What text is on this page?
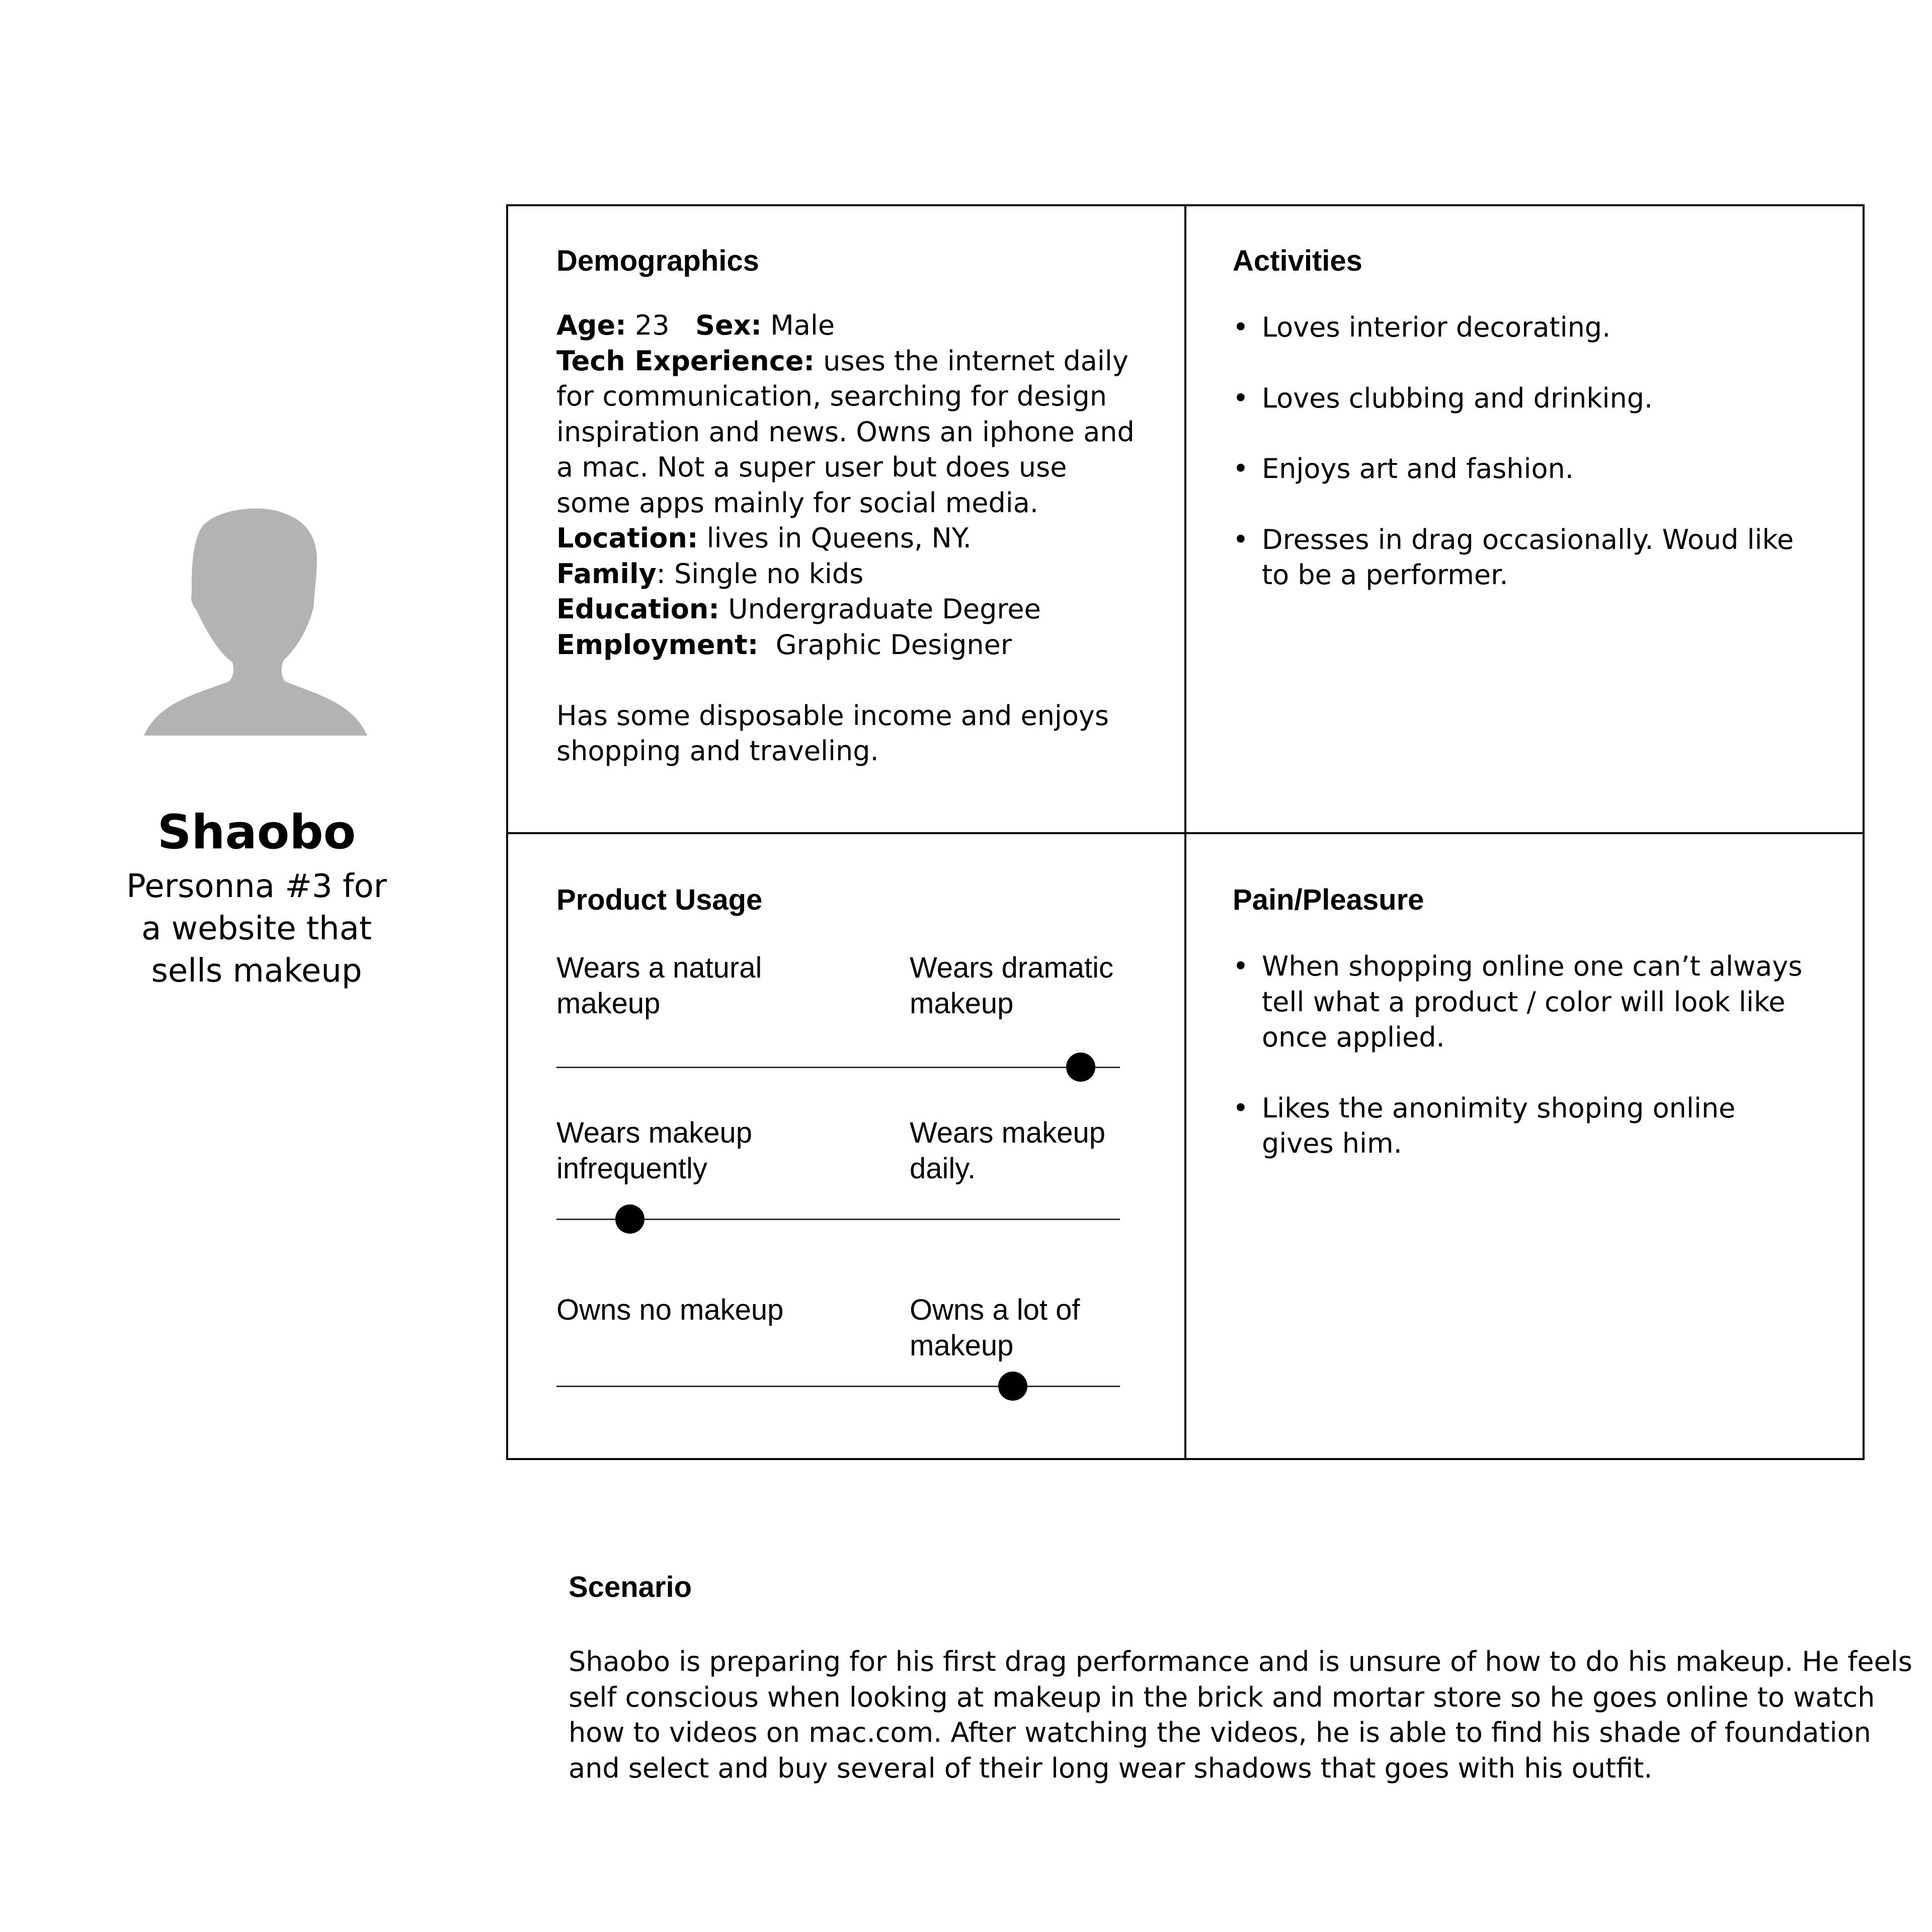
Shaobo
Personna #3 for
a website that
sells makeup
Demographics
Age: 23 Sex: Male
Tech Experience: uses the internet daily
for communication, searching for design
inspiration and news. Owns an iphone and
a mac. Not a super user but does use
some apps mainly for social media.
Location: lives in Queens, NY.
Family: Single no kids
Education: Undergraduate Degree
Employment:  Graphic Designer
Has some disposable income and enjoys
shopping and traveling.
Activities
• Loves interior decorating.
• Loves clubbing and drinking.
• Enjoys art and fashion.
• Dresses in drag occasionally. Woud like
to be a performer.
Product Usage
Wears a natural
makeup
Wears dramatic
makeup
Wears makeup
infrequently
Wears makeup
daily.
Owns no makeup	Owns a lot of
makeup
Pain/Pleasure
• When shopping online one can’t always
tell what a product / color will look like
once applied.
• Likes the anonimity shoping online
gives him.
Scenario
Shaobo is preparing for his first drag performance and is unsure of how to do his makeup. He feels
self conscious when looking at makeup in the brick and mortar store so he goes online to watch
how to videos on mac.com. After watching the videos, he is able to find his shade of foundation
and select and buy several of their long wear shadows that goes with his outfit.
